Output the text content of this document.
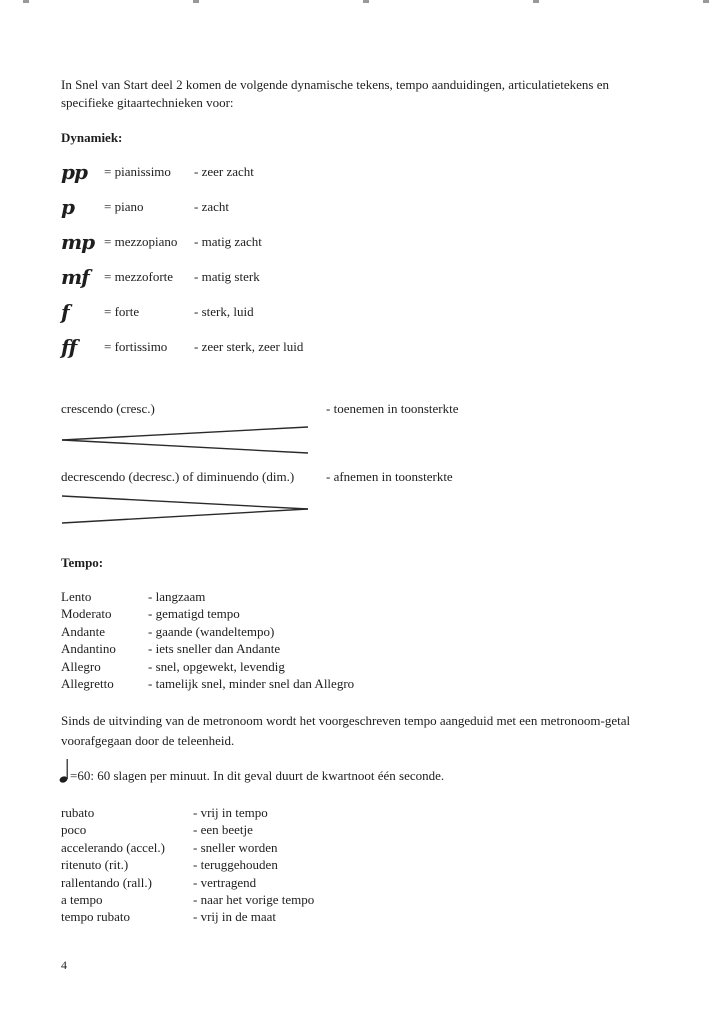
In Snel van Start deel 2 komen de volgende dynamische tekens, tempo aanduidingen, articulatietekens en specifieke gitaartechnieken voor:
Dynamiek:
pp = pianissimo - zeer zacht
p = piano	- zacht
mp = mezzopiano - matig zacht
mf = mezzoforte - matig sterk
f	= forte	- sterk, luid
ff = fortissimo - zeer sterk, zeer luid
crescendo (cresc.)	- toenemen in toonsterkte
decrescendo (decresc.) of diminuendo (dim.) - afnemen in toonsterkte
Tempo:
Lento	- langzaam
Moderato	- gematigd tempo
Andante	- gaande (wandeltempo)
Andantino - iets sneller dan Andante
Allegro	- snel, opgewekt, levendig
Allegretto	- tamelijk snel, minder snel dan Allegro
Sinds de uitvinding van de metronoom wordt het voorgeschreven tempo aangeduid met een metronoom-getal voorafgegaan door de teleenheid.
=60: 60 slagen per minuut. In dit geval duurt de kwartnoot één seconde.
rubato	- vrij in tempo
poco	- een beetje
accelerando (accel.) - sneller worden
ritenuto (rit.)	- teruggehouden
rallentando (rall.)	- vertragend
a tempo	- naar het vorige tempo
tempo rubato	- vrij in de maat
4
